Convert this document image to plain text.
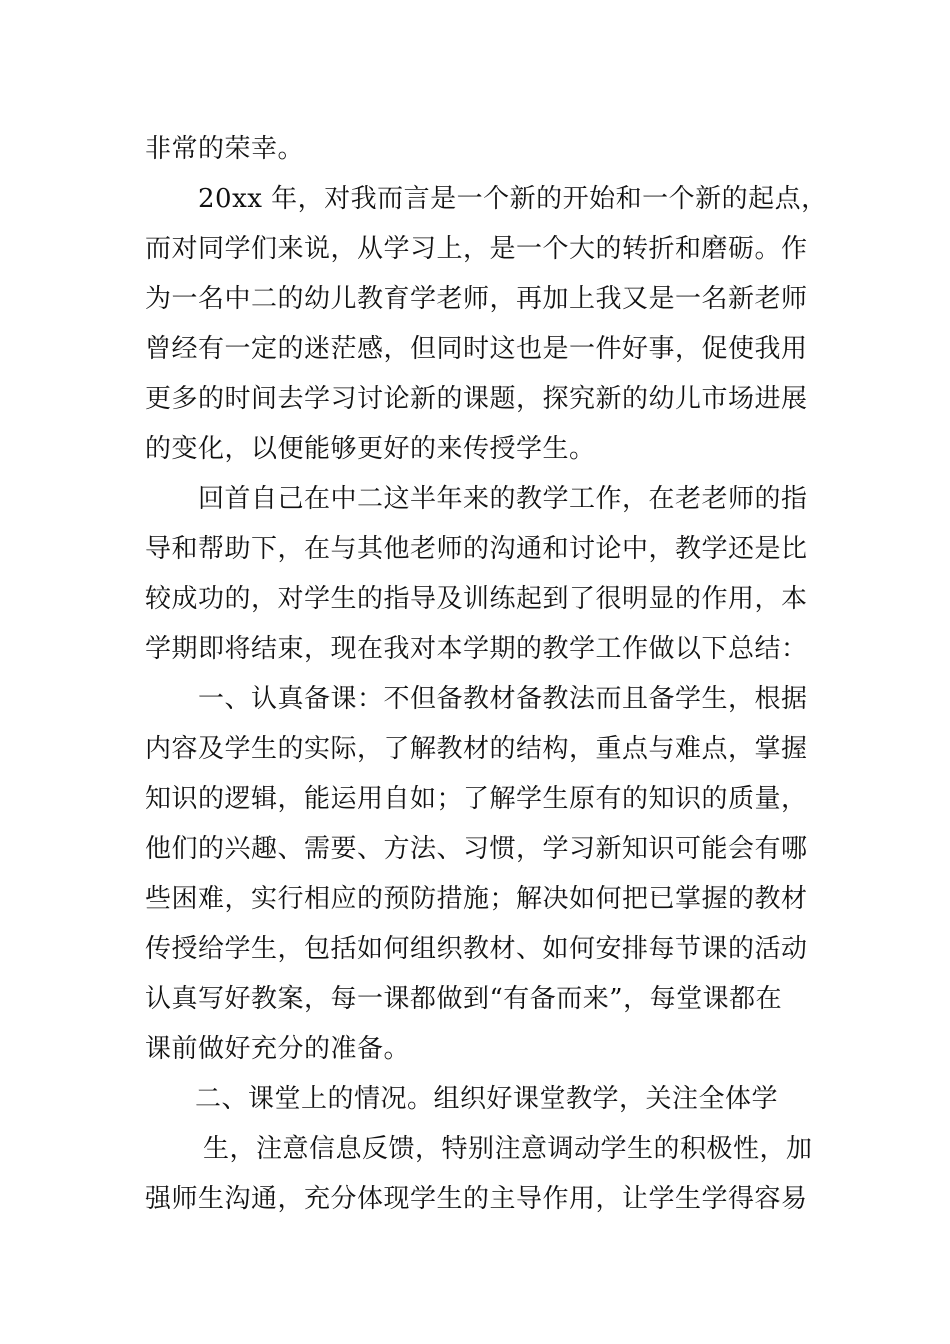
非常的荣幸。
20xx 年，对我而言是一个新的开始和一个新的起点，
而对同学们来说，从学习上，是一个大的转折和磨砺。作
为一名中二的幼儿教育学老师，再加上我又是一名新老师
曾经有一定的迷茫感，但同时这也是一件好事，促使我用
更多的时间去学习讨论新的课题，探究新的幼儿市场进展
的变化，以便能够更好的来传授学生。
回首自己在中二这半年来的教学工作，在老老师的指
导和帮助下，在与其他老师的沟通和讨论中，教学还是比
较成功的，对学生的指导及训练起到了很明显的作用，本
学期即将结束，现在我对本学期的教学工作做以下总结：
一、认真备课：不但备教材备教法而且备学生，根据
内容及学生的实际，了解教材的结构，重点与难点，掌握
知识的逻辑，能运用自如；了解学生原有的知识的质量，
他们的兴趣、需要、方法、习惯，学习新知识可能会有哪
些困难，实行相应的预防措施；解决如何把已掌握的教材
传授给学生，包括如何组织教材、如何安排每节课的活动
认真写好教案，每一课都做到“有备而来”，每堂课都在
课前做好充分的准备。
二、课堂上的情况。组织好课堂教学，关注全体学
生，注意信息反馈，特别注意调动学生的积极性，加
强师生沟通，充分体现学生的主导作用，让学生学得容易
